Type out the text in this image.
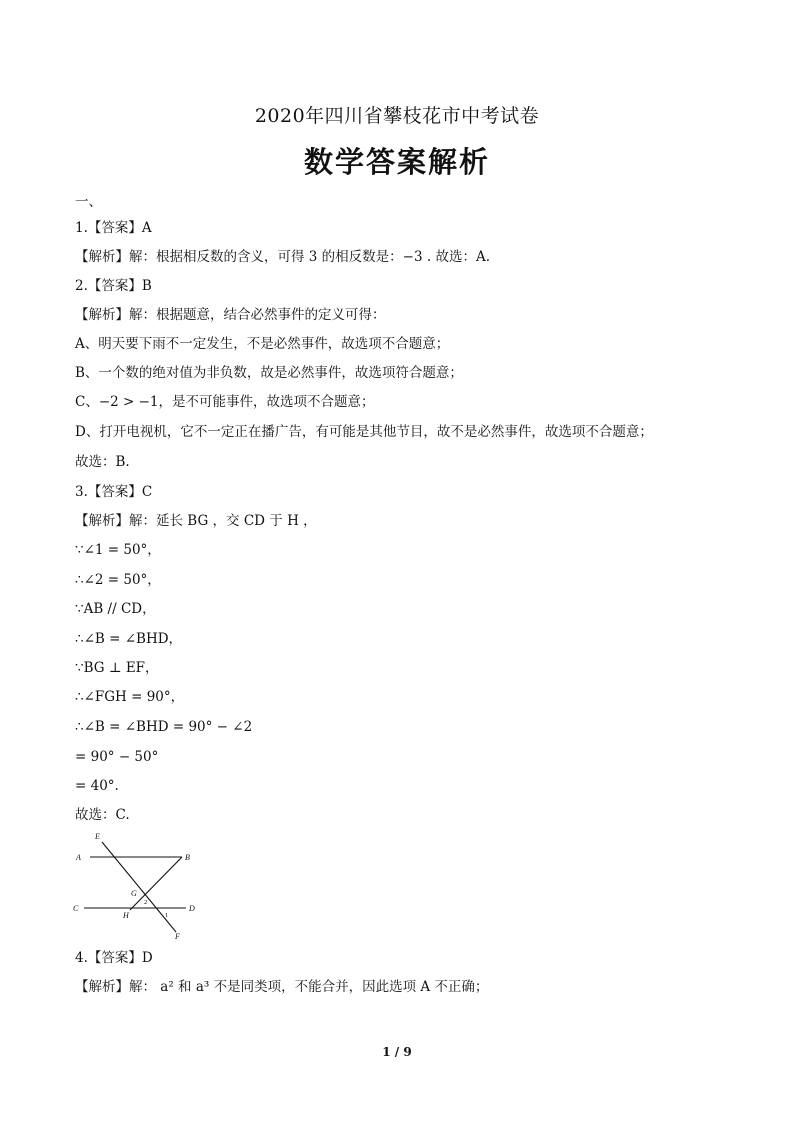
2020年四川省攀枝花市中考试卷
数学答案解析
一、
1.【答案】A
【解析】解：根据相反数的含义，可得 3 的相反数是：−3 . 故选：A.
2.【答案】B
【解析】解：根据题意，结合必然事件的定义可得：
A、明天要下雨不一定发生，不是必然事件，故选项不合题意；
B、一个数的绝对值为非负数，故是必然事件，故选项符合题意；
C、−2 > −1，是不可能事件，故选项不合题意；
D、打开电视机，它不一定正在播广告，有可能是其他节目，故不是必然事件，故选项不合题意；
故选：B.
3.【答案】C
【解析】解：延长 BG ，交 CD 于 H ，
∵∠1 = 50°，
∴∠2 = 50°，
∵AB // CD，
∴∠B = ∠BHD，
∵BG ⊥ EF，
∴∠FGH = 90°，
∴∠B = ∠BHD = 90° − ∠2
= 90° − 50°
= 40°.
故选：C.
E
A	B
G
C
H
D
F
2
1
4.【答案】D
【解析】解： a² 和 a³ 不是同类项，不能合并，因此选项 A 不正确；
1 / 9
